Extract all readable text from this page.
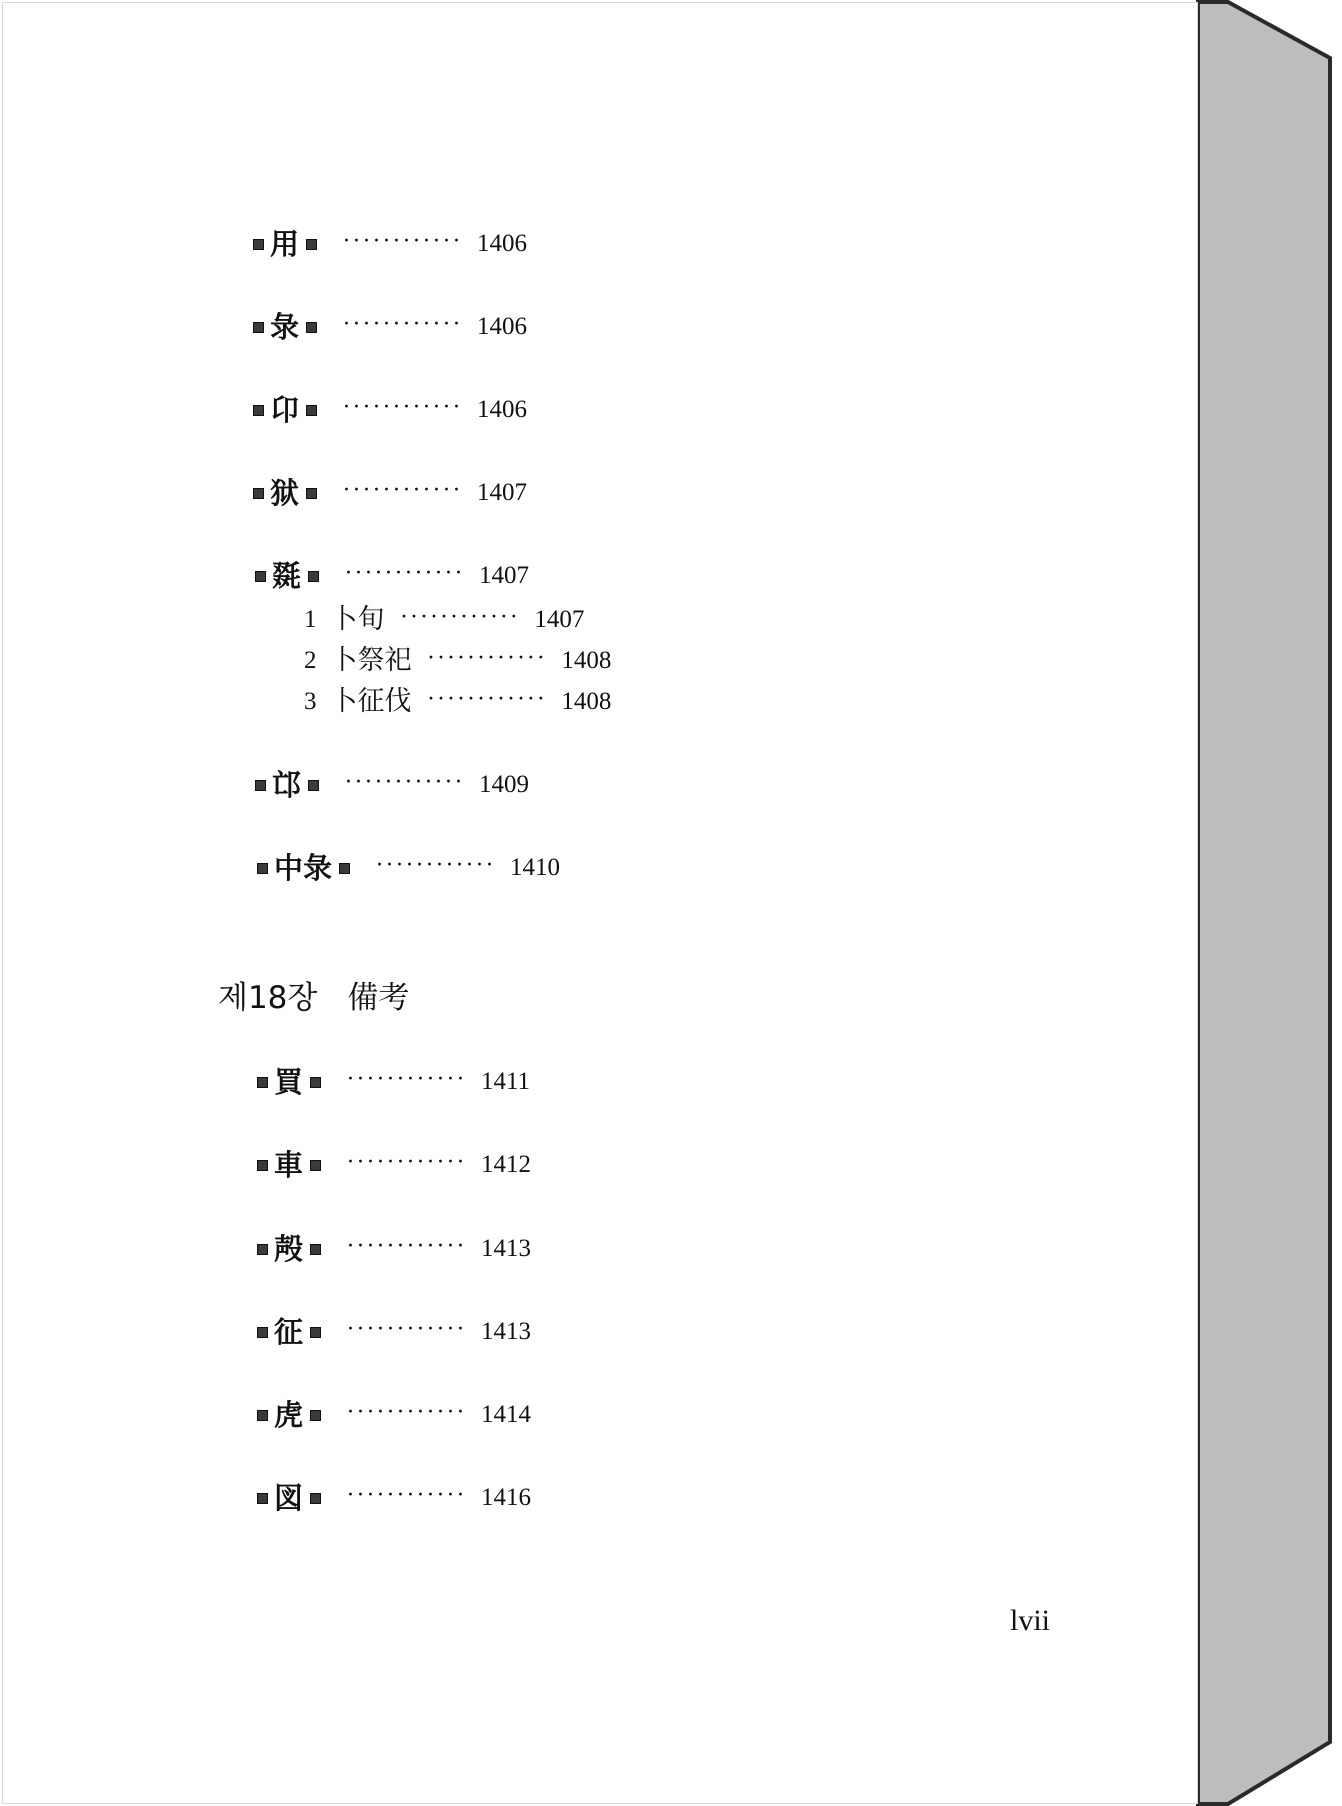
用 ············ 1406
彔 ············ 1406
卬 ············ 1406
狱 ············ 1407
毲 ············ 1407
1 卜旬 ············ 1407
2 卜祭祀 ············ 1408
3 卜征伐 ············ 1408
邙 ············ 1409
中彔 ············ 1410
제18장 備考
買 ············ 1411
車 ············ 1412
殸 ············ 1413
征 ············ 1413
虎 ············ 1414
図 ············ 1416
lvii
